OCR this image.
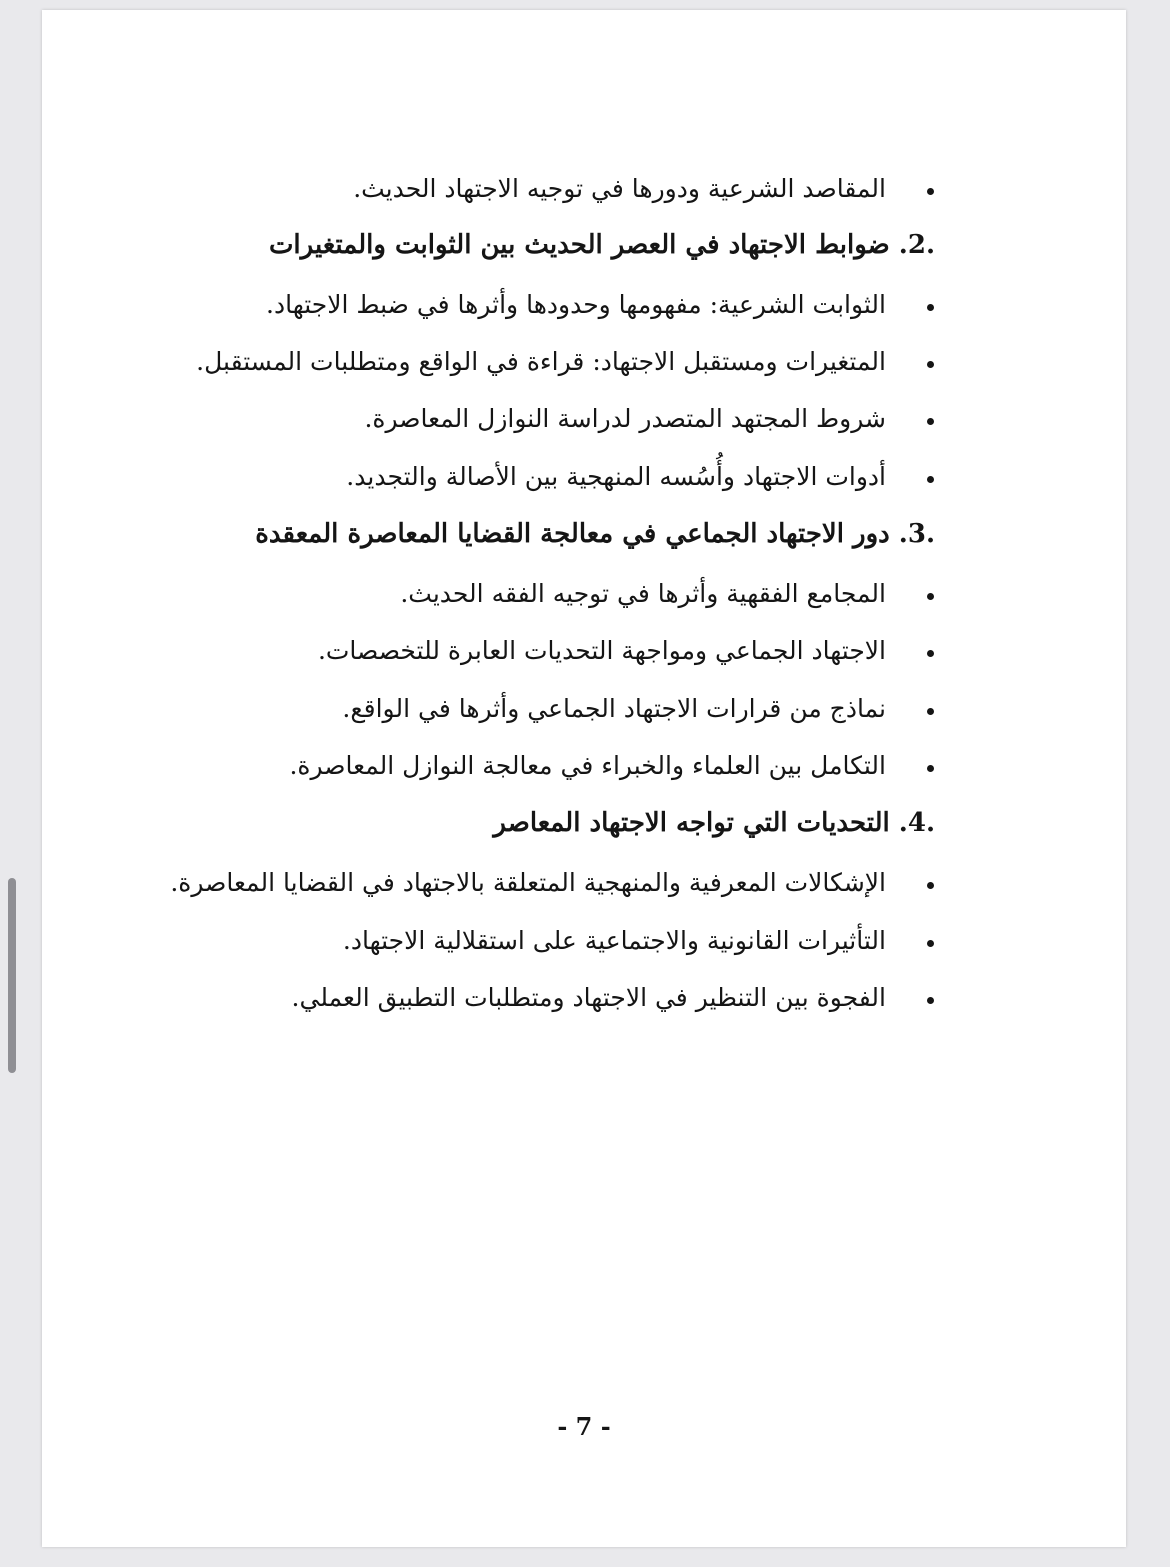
المقاصد الشرعية ودورها في توجيه الاجتهاد الحديث.
.2. ضوابط الاجتهاد في العصر الحديث بين الثوابت والمتغيرات
الثوابت الشرعية: مفهومها وحدودها وأثرها في ضبط الاجتهاد.
المتغيرات ومستقبل الاجتهاد: قراءة في الواقع ومتطلبات المستقبل.
شروط المجتهد المتصدر لدراسة النوازل المعاصرة.
أدوات الاجتهاد وأُسُسه المنهجية بين الأصالة والتجديد.
.3. دور الاجتهاد الجماعي في معالجة القضايا المعاصرة المعقدة
المجامع الفقهية وأثرها في توجيه الفقه الحديث.
الاجتهاد الجماعي ومواجهة التحديات العابرة للتخصصات.
نماذج من قرارات الاجتهاد الجماعي وأثرها في الواقع.
التكامل بين العلماء والخبراء في معالجة النوازل المعاصرة.
.4. التحديات التي تواجه الاجتهاد المعاصر
الإشكالات المعرفية والمنهجية المتعلقة بالاجتهاد في القضايا المعاصرة.
التأثيرات القانونية والاجتماعية على استقلالية الاجتهاد.
الفجوة بين التنظير في الاجتهاد ومتطلبات التطبيق العملي.
- 7 -
